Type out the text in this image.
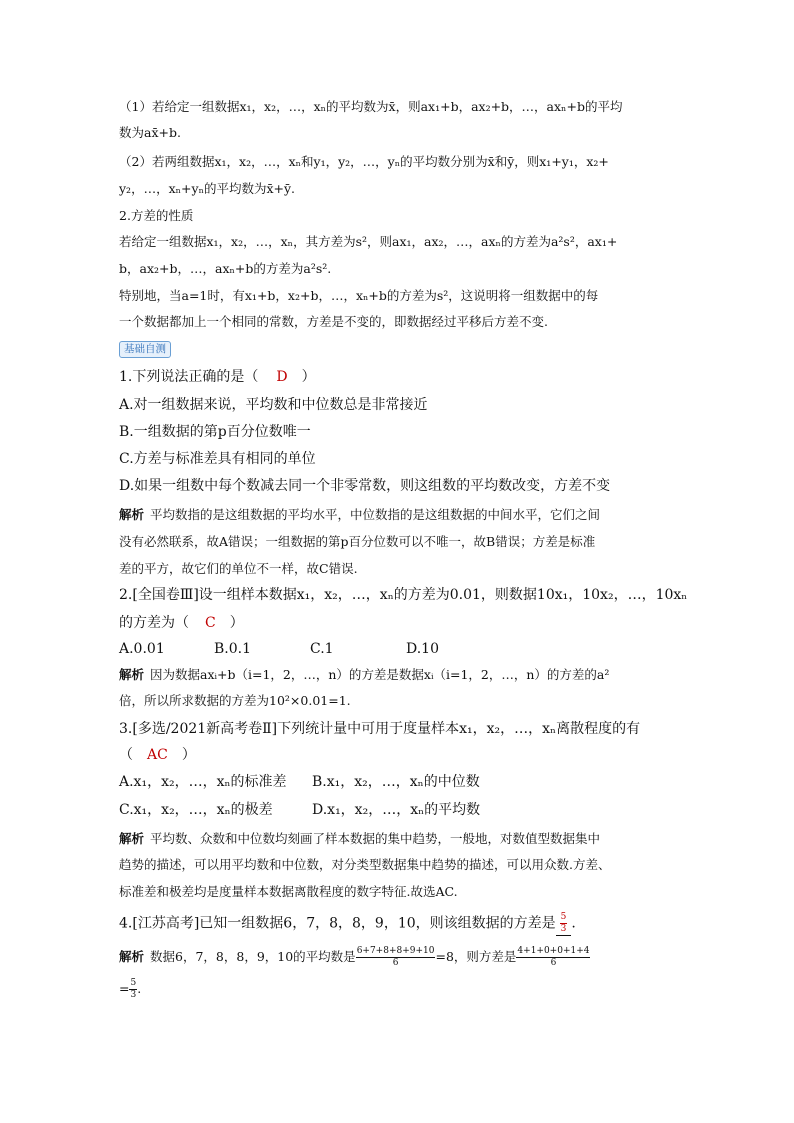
（1）若给定一组数据x₁，x₂，…，xₙ的平均数为x̄，则ax₁+b，ax₂+b，…，axₙ+b的平均
数为ax̄+b.
（2）若两组数据x₁，x₂，…，xₙ和y₁，y₂，…，yₙ的平均数分别为x̄和ȳ，则x₁+y₁，x₂+
y₂，…，xₙ+yₙ的平均数为x̄+ȳ.
2.方差的性质
若给定一组数据x₁，x₂，…，xₙ，其方差为s²，则ax₁，ax₂，…，axₙ的方差为a²s²，ax₁+
b，ax₂+b，…，axₙ+b的方差为a²s².
特别地，当a=1时，有x₁+b，x₂+b，…，xₙ+b的方差为s²，这说明将一组数据中的每
一个数据都加上一个相同的常数，方差是不变的，即数据经过平移后方差不变.
基础自测
1.下列说法正确的是（ D ）
A.对一组数据来说，平均数和中位数总是非常接近
B.一组数据的第p百分位数唯一
C.方差与标准差具有相同的单位
D.如果一组数中每个数减去同一个非零常数，则这组数的平均数改变，方差不变
解析 平均数指的是这组数据的平均水平，中位数指的是这组数据的中间水平，它们之间
没有必然联系，故A错误；一组数据的第p百分位数可以不唯一，故B错误；方差是标准
差的平方，故它们的单位不一样，故C错误.
2.[全国卷Ⅲ]设一组样本数据x₁，x₂，…，xₙ的方差为0.01，则数据10x₁，10x₂，…，10xₙ
的方差为（ C ）
A.0.01	B.0.1	C.1	D.10
解析 因为数据axᵢ+b（i=1，2，…，n）的方差是数据xᵢ（i=1，2，…，n）的方差的a²
倍，所以所求数据的方差为10²×0.01=1.
3.[多选/2021新高考卷Ⅱ]下列统计量中可用于度量样本x₁，x₂，…，xₙ离散程度的有
（ AC ）
A.x₁，x₂，…，xₙ的标准差 B.x₁，x₂，…，xₙ的中位数
C.x₁，x₂，…，xₙ的极差	D.x₁，x₂，…，xₙ的平均数
解析 平均数、众数和中位数均刻画了样本数据的集中趋势，一般地，对数值型数据集中
趋势的描述，可以用平均数和中位数，对分类型数据集中趋势的描述，可以用众数.方差、
标准差和极差均是度量样本数据离散程度的数字特征.故选AC.
4.[江苏高考]已知一组数据6，7，8，8，9，10，则该组数据的方差是 $\frac{5}{3}$ .
解析 数据6，7，8，8，9，10的平均数是 $\frac{6+7+8+8+9+10}{6} =8$，则方差是 $\frac{4+1+0+0+1+4}{6}$
= $\frac{5}{3}$ .
